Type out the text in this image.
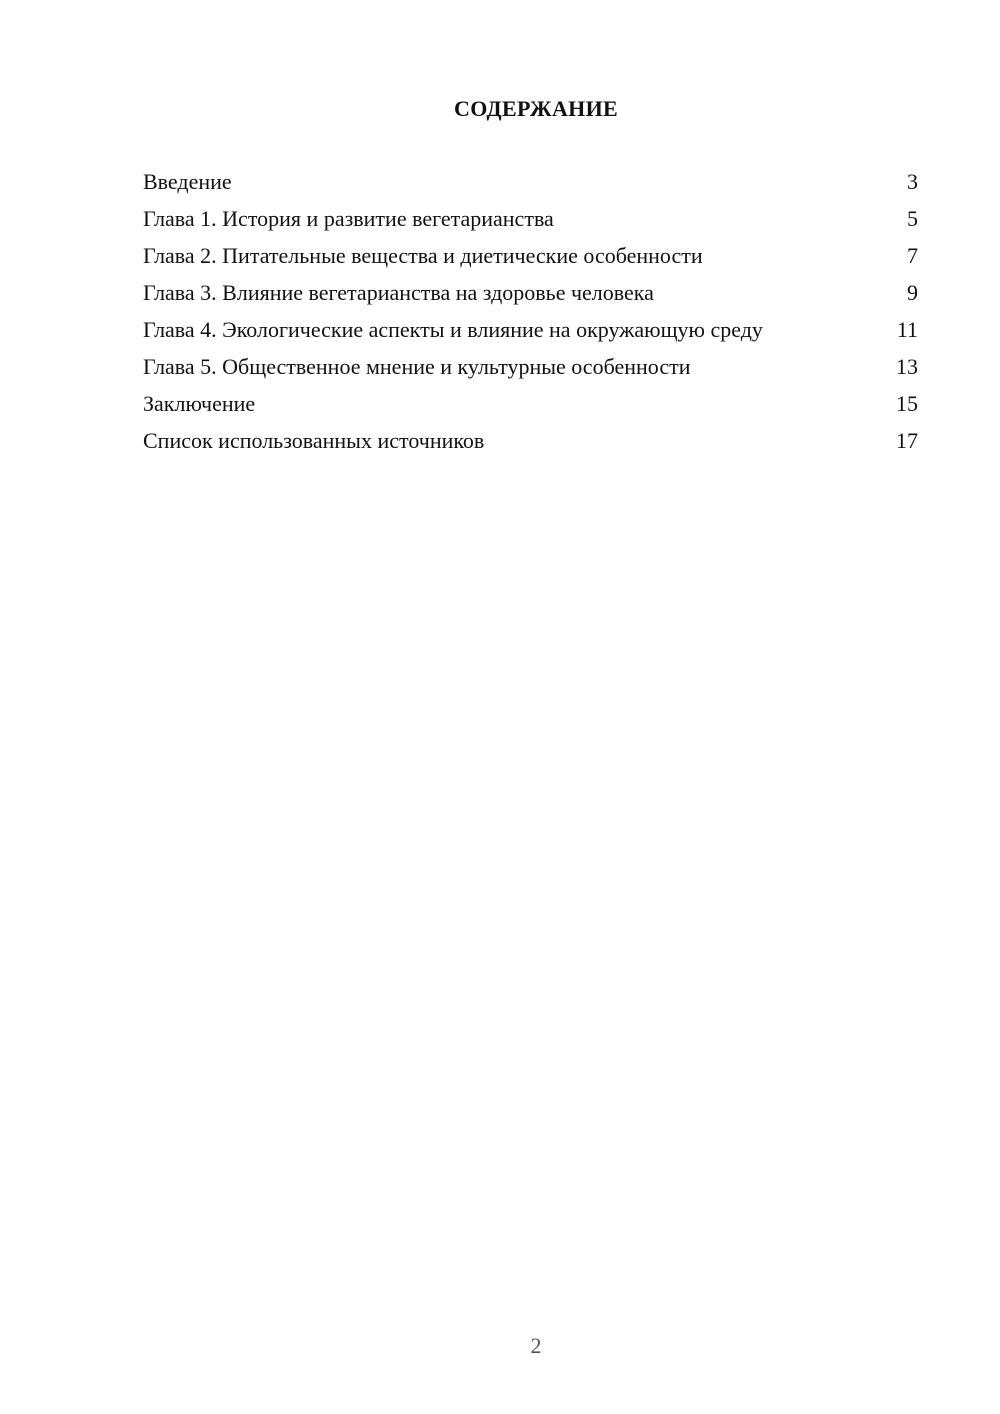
СОДЕРЖАНИЕ
Введение	3
Глава 1. История и развитие вегетарианства	5
Глава 2. Питательные вещества и диетические особенности	7
Глава 3. Влияние вегетарианства на здоровье человека	9
Глава 4. Экологические аспекты и влияние на окружающую среду	11
Глава 5. Общественное мнение и культурные особенности	13
Заключение	15
Список использованных источников	17
2
